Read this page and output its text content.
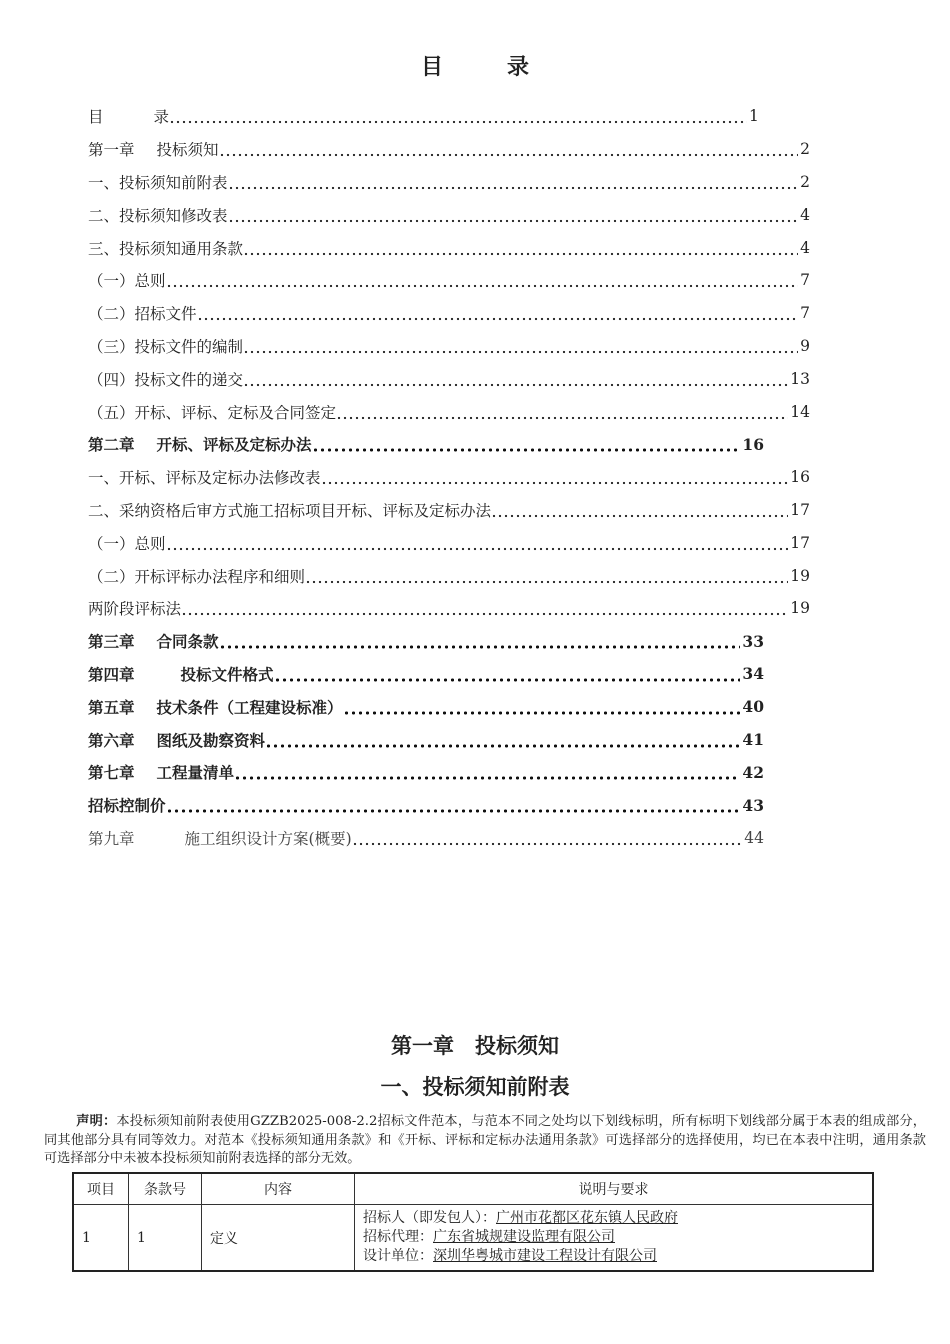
目	录
目	录	1
第一章 投标须知	2
一、投标须知前附表	2
二、投标须知修改表	4
三、投标须知通用条款	4
（一）总则	7
（二）招标文件	7
（三）投标文件的编制	9
（四）投标文件的递交	13
（五）开标、评标、定标及合同签定	14
第二章 开标、评标及定标办法	16
一、开标、评标及定标办法修改表	16
二、采纳资格后审方式施工招标项目开标、评标及定标办法	17
（一）总则	17
（二）开标评标办法程序和细则	19
两阶段评标法	19
第三章 合同条款	33
第四章	投标文件格式	34
第五章 技术条件（工程建设标准）	40
第六章 图纸及勘察资料	41
第七章 工程量清单	42
招标控制价	43
第九章	施工组织设计方案(概要)	44
第一章　投标须知
一、投标须知前附表
声明：本投标须知前附表使用GZZB2025-008-2.2招标文件范本，与范本不同之处均以下划线标明，所有标明下划线部分属于本表的组成部分，同其他部分具有同等效力。对范本《投标须知通用条款》和《开标、评标和定标办法通用条款》可选择部分的选择使用，均已在本表中注明，通用条款可选择部分中未被本投标须知前附表选择的部分无效。
项目	条款号	内容	说明与要求
1	1	定义	招标人（即发包人）：广州市花都区花东镇人民政府
招标代理：广东省城规建设监理有限公司
设计单位：深圳华粤城市建设工程设计有限公司
